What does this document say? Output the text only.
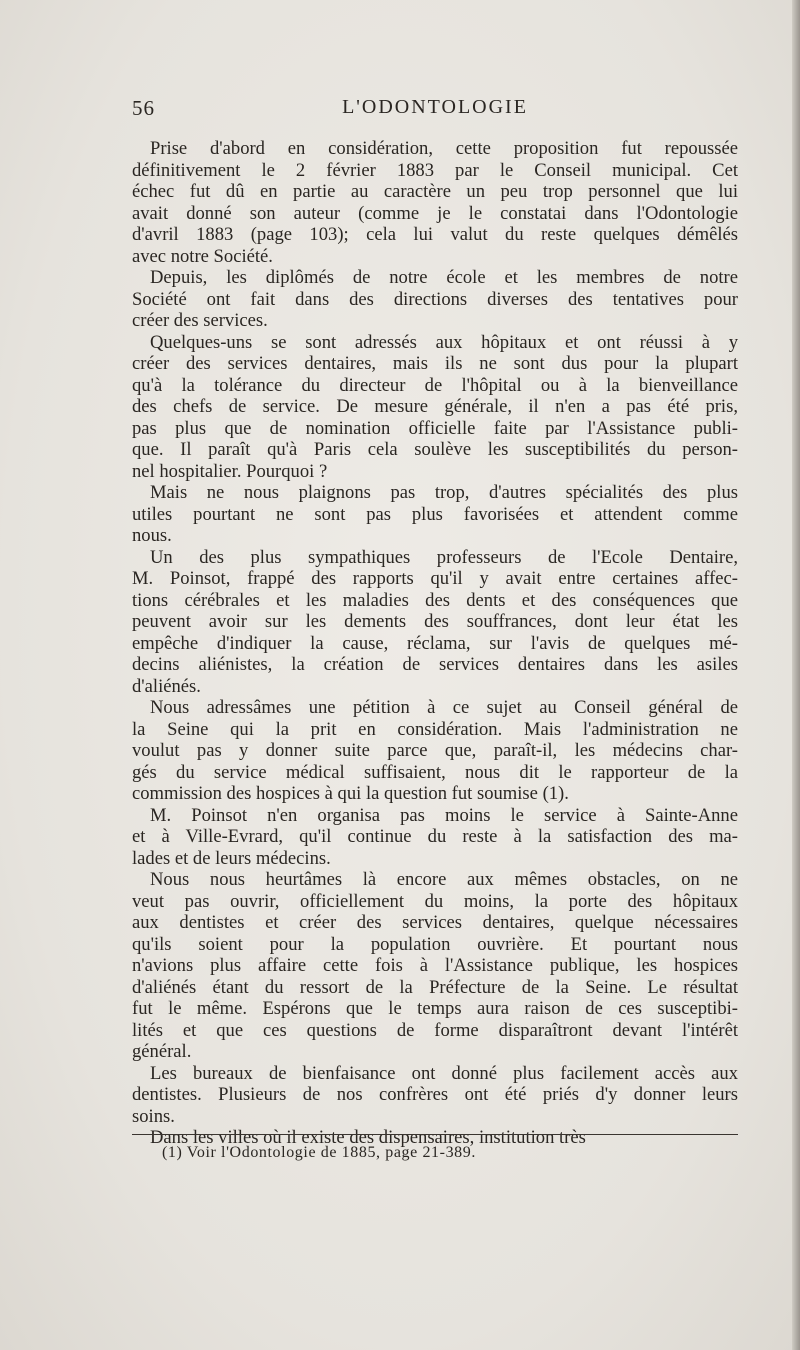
56	L'ODONTOLOGIE

Prise d'abord en considération, cette proposition fut repoussée
définitivement le 2 février 1883 par le Conseil municipal. Cet
échec fut dû en partie au caractère un peu trop personnel que lui
avait donné son auteur (comme je le constatai dans l'Odontologie
d'avril 1883 (page 103); cela lui valut du reste quelques démêlés
avec notre Société.

Depuis, les diplômés de notre école et les membres de notre
Société ont fait dans des directions diverses des tentatives pour
créer des services.

Quelques-uns se sont adressés aux hôpitaux et ont réussi à y
créer des services dentaires, mais ils ne sont dus pour la plupart
qu'à la tolérance du directeur de l'hôpital ou à la bienveillance
des chefs de service. De mesure générale, il n'en a pas été pris,
pas plus que de nomination officielle faite par l'Assistance publi-
que. Il paraît qu'à Paris cela soulève les susceptibilités du person-
nel hospitalier. Pourquoi ?

Mais ne nous plaignons pas trop, d'autres spécialités des plus
utiles pourtant ne sont pas plus favorisées et attendent comme
nous.

Un des plus sympathiques professeurs de l'Ecole Dentaire,
M. Poinsot, frappé des rapports qu'il y avait entre certaines affec-
tions cérébrales et les maladies des dents et des conséquences que
peuvent avoir sur les dements des souffrances, dont leur état les
empêche d'indiquer la cause, réclama, sur l'avis de quelques mé-
decins aliénistes, la création de services dentaires dans les asiles
d'aliénés.

Nous adressâmes une pétition à ce sujet au Conseil général de
la Seine qui la prit en considération. Mais l'administration ne
voulut pas y donner suite parce que, paraît-il, les médecins char-
gés du service médical suffisaient, nous dit le rapporteur de la
commission des hospices à qui la question fut soumise (1).

M. Poinsot n'en organisa pas moins le service à Sainte-Anne
et à Ville-Evrard, qu'il continue du reste à la satisfaction des ma-
lades et de leurs médecins.

Nous nous heurtâmes là encore aux mêmes obstacles, on ne
veut pas ouvrir, officiellement du moins, la porte des hôpitaux
aux dentistes et créer des services dentaires, quelque nécessaires
qu'ils soient pour la population ouvrière. Et pourtant nous
n'avions plus affaire cette fois à l'Assistance publique, les hospices
d'aliénés étant du ressort de la Préfecture de la Seine. Le résultat
fut le même. Espérons que le temps aura raison de ces susceptibi-
lités et que ces questions de forme disparaîtront devant l'intérêt
général.

Les bureaux de bienfaisance ont donné plus facilement accès aux
dentistes. Plusieurs de nos confrères ont été priés d'y donner leurs
soins.

Dans les villes où il existe des dispensaires, institution très

(1) Voir l'Odontologie de 1885, page 21-389.
